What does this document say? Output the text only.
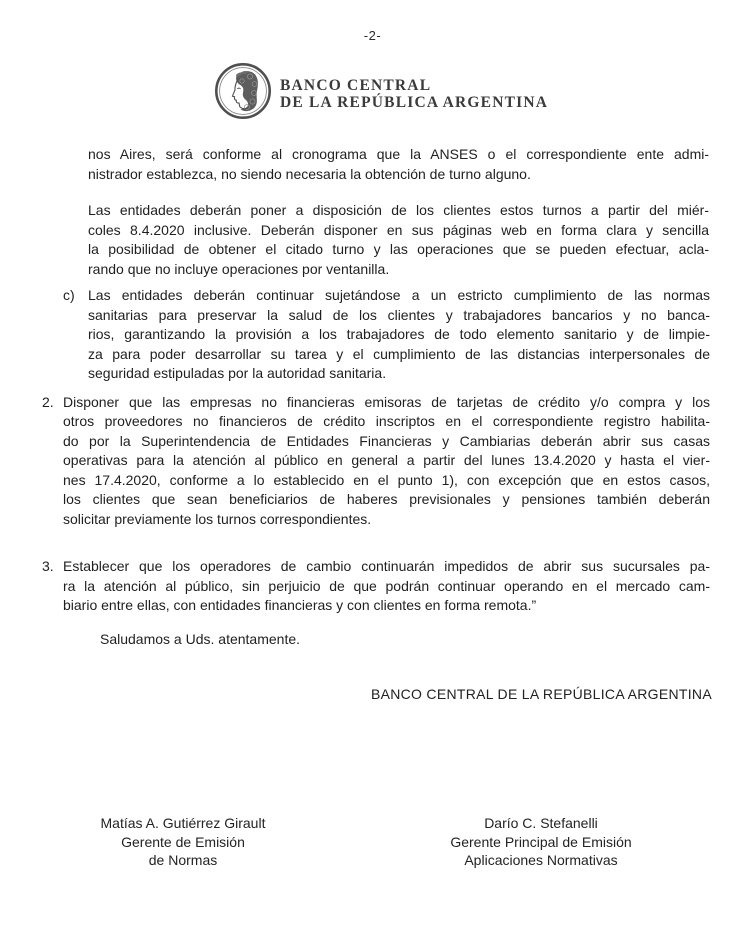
-2-
BANCO CENTRAL
DE LA REPÚBLICA ARGENTINA
nos Aires, será conforme al cronograma que la ANSES o el correspondiente ente admi-
nistrador establezca, no siendo necesaria la obtención de turno alguno.
Las entidades deberán poner a disposición de los clientes estos turnos a partir del miér-
coles 8.4.2020 inclusive. Deberán disponer en sus páginas web en forma clara y sencilla
la posibilidad de obtener el citado turno y las operaciones que se pueden efectuar, acla-
rando que no incluye operaciones por ventanilla.
c) Las entidades deberán continuar sujetándose a un estricto cumplimiento de las normas
sanitarias para preservar la salud de los clientes y trabajadores bancarios y no banca-
rios, garantizando la provisión a los trabajadores de todo elemento sanitario y de limpie-
za para poder desarrollar su tarea y el cumplimiento de las distancias interpersonales de
seguridad estipuladas por la autoridad sanitaria.
2. Disponer que las empresas no financieras emisoras de tarjetas de crédito y/o compra y los
otros proveedores no financieros de crédito inscriptos en el correspondiente registro habilita-
do por la Superintendencia de Entidades Financieras y Cambiarias deberán abrir sus casas
operativas para la atención al público en general a partir del lunes 13.4.2020 y hasta el vier-
nes 17.4.2020, conforme a lo establecido en el punto 1), con excepción que en estos casos,
los clientes que sean beneficiarios de haberes previsionales y pensiones también deberán
solicitar previamente los turnos correspondientes.
3. Establecer que los operadores de cambio continuarán impedidos de abrir sus sucursales pa-
ra la atención al público, sin perjuicio de que podrán continuar operando en el mercado cam-
biario entre ellas, con entidades financieras y con clientes en forma remota.”
Saludamos a Uds. atentamente.
BANCO CENTRAL DE LA REPÚBLICA ARGENTINA
Matías A. Gutiérrez Girault
Gerente de Emisión
de Normas
Darío C. Stefanelli
Gerente Principal de Emisión
Aplicaciones Normativas
